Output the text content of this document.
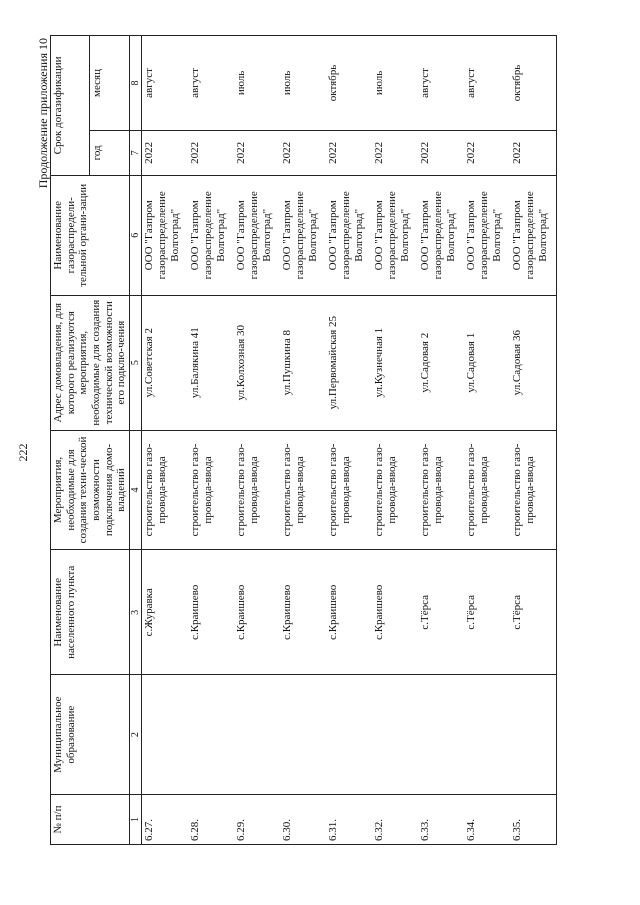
222
Продолжение приложения 10
№ п/п	Муниципальное образование	Наименование населенного пункта	Мероприятия, необходимые для создания техни-ческой возможности подключения домо-владений	Адрес домовладения, для которого реализуются мероприятия, необходимые для создания технической возможности его подклю-чения	Наименование газораспредели-тельной органи-зации	Срок догазификации	
						год	месяц
1	2	3	4	5	6	7	8
6.27.		с.Журавка	строительство газо-провода-ввода	ул.Советская 2	ООО "Газпром газораспределение Волгоград"	2022	август
6.28.		с.Краишево	строительство газо-провода-ввода	ул.Балякина 41	ООО "Газпром газораспределение Волгоград"	2022	август
6.29.		с.Краишево	строительство газо-провода-ввода	ул.Колхозная 30	ООО "Газпром газораспределение Волгоград"	2022	июль
6.30.		с.Краишево	строительство газо-провода-ввода	ул.Пушкина 8	ООО "Газпром газораспределение Волгоград"	2022	июль
6.31.		с.Краишево	строительство газо-провода-ввода	ул.Первомайская 25	ООО "Газпром газораспределение Волгоград"	2022	октябрь
6.32.		с.Краишево	строительство газо-провода-ввода	ул.Кузнечная 1	ООО "Газпром газораспределение Волгоград"	2022	июль
6.33.		с.Тёрса	строительство газо-провода-ввода	ул.Садовая 2	ООО "Газпром газораспределение Волгоград"	2022	август
6.34.		с.Тёрса	строительство газо-провода-ввода	ул.Садовая 1	ООО "Газпром газораспределение Волгоград"	2022	август
6.35.		с.Тёрса	строительство газо-провода-ввода	ул.Садовая 36	ООО "Газпром газораспределение Волгоград"	2022	октябрь
